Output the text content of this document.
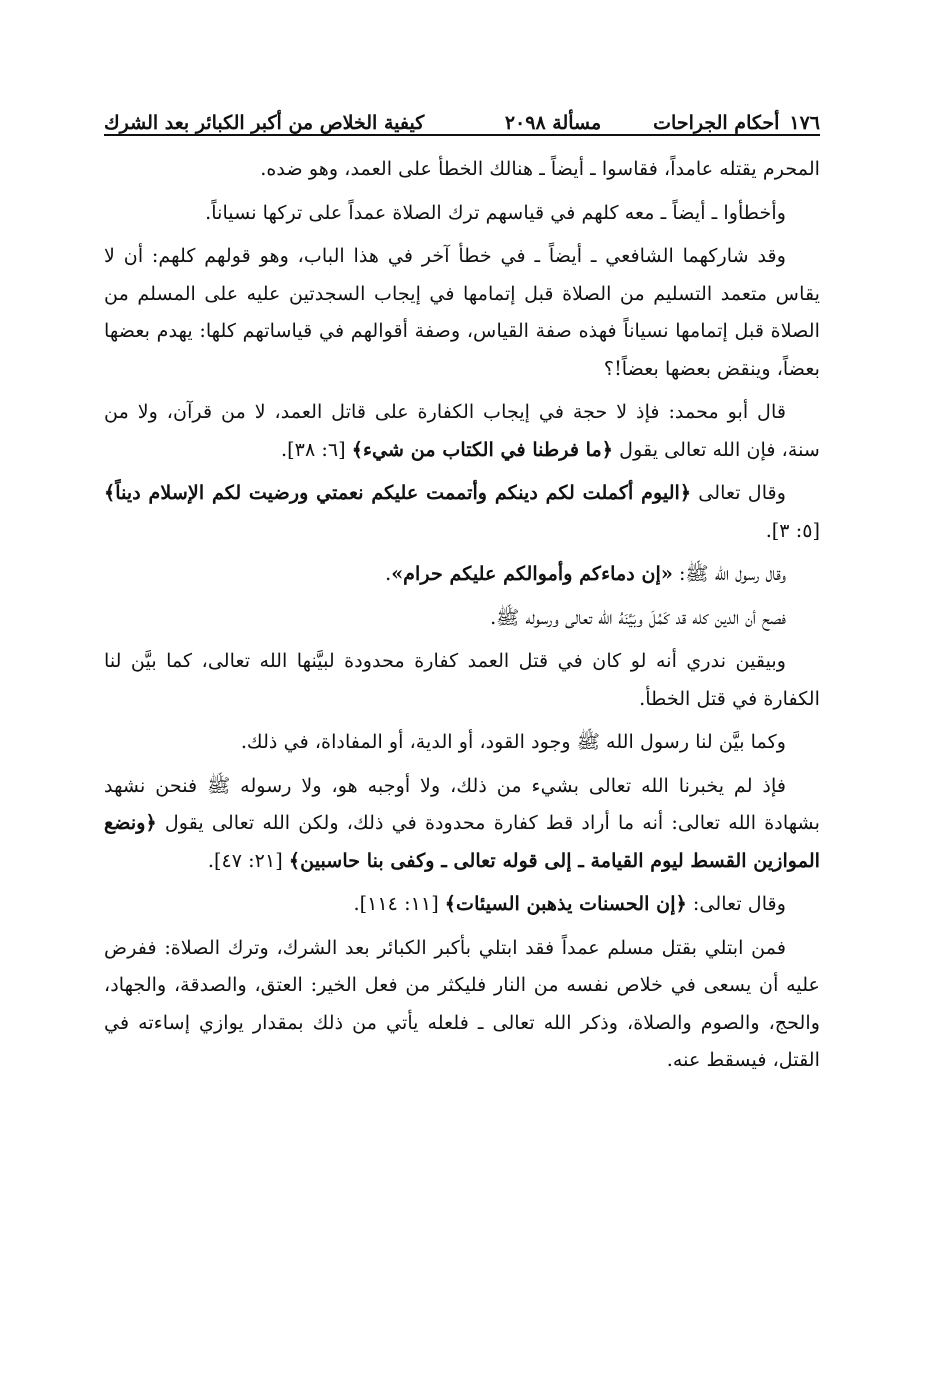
١٧٦
أحكام الجراحات
مسألة ٢٠٩٨
كيفية الخلاص من أكبر الكبائر بعد الشرك

المحرم يقتله عامداً، فقاسوا ـ أيضاً ـ هنالك الخطأ على العمد، وهو ضده.

وأخطأوا ـ أيضاً ـ معه كلهم في قياسهم ترك الصلاة عمداً على تركها نسياناً.

وقد شاركهما الشافعي ـ أيضاً ـ في خطأ آخر في هذا الباب، وهو قولهم كلهم: أن لا يقاس متعمد التسليم من الصلاة قبل إتمامها في إيجاب السجدتين عليه على المسلم من الصلاة قبل إتمامها نسياناً فهذه صفة القياس، وصفة أقوالهم في قياساتهم كلها: يهدم بعضها بعضاً، وينقض بعضها بعضاً!؟

قال أبو محمد: فإذ لا حجة في إيجاب الكفارة على قاتل العمد، لا من قرآن، ولا من سنة، فإن الله تعالى يقول ﴿ما فرطنا في الكتاب من شيء﴾ [٦: ٣٨].

وقال تعالى ﴿اليوم أكملت لكم دينكم وأتممت عليكم نعمتي ورضيت لكم الإسلام ديناً﴾ [٥: ٣].

وقال رسول الله ﷺ: «إن دماءكم وأموالكم عليكم حرام».

فصح أن الدين كله قد كَمُلَ وبَيَّنَهُ الله تعالى ورسوله ﷺ.

وبيقين ندري أنه لو كان في قتل العمد كفارة محدودة لبيَّنها الله تعالى، كما بيَّن لنا الكفارة في قتل الخطأ.

وكما بيَّن لنا رسول الله ﷺ وجود القود، أو الدية، أو المفاداة، في ذلك.

فإذ لم يخبرنا الله تعالى بشيء من ذلك، ولا أوجبه هو، ولا رسوله ﷺ فنحن نشهد بشهادة الله تعالى: أنه ما أراد قط كفارة محدودة في ذلك، ولكن الله تعالى يقول ﴿ونضع الموازين القسط ليوم القيامة ـ إلى قوله تعالى ـ وكفى بنا حاسبين﴾ [٢١: ٤٧].

وقال تعالى: ﴿إن الحسنات يذهبن السيئات﴾ [١١: ١١٤].

فمن ابتلي بقتل مسلم عمداً فقد ابتلي بأكبر الكبائر بعد الشرك، وترك الصلاة: ففرض عليه أن يسعى في خلاص نفسه من النار فليكثر من فعل الخير: العتق، والصدقة، والجهاد، والحج، والصوم والصلاة، وذكر الله تعالى ـ فلعله يأتي من ذلك بمقدار يوازي إساءته في القتل، فيسقط عنه.
